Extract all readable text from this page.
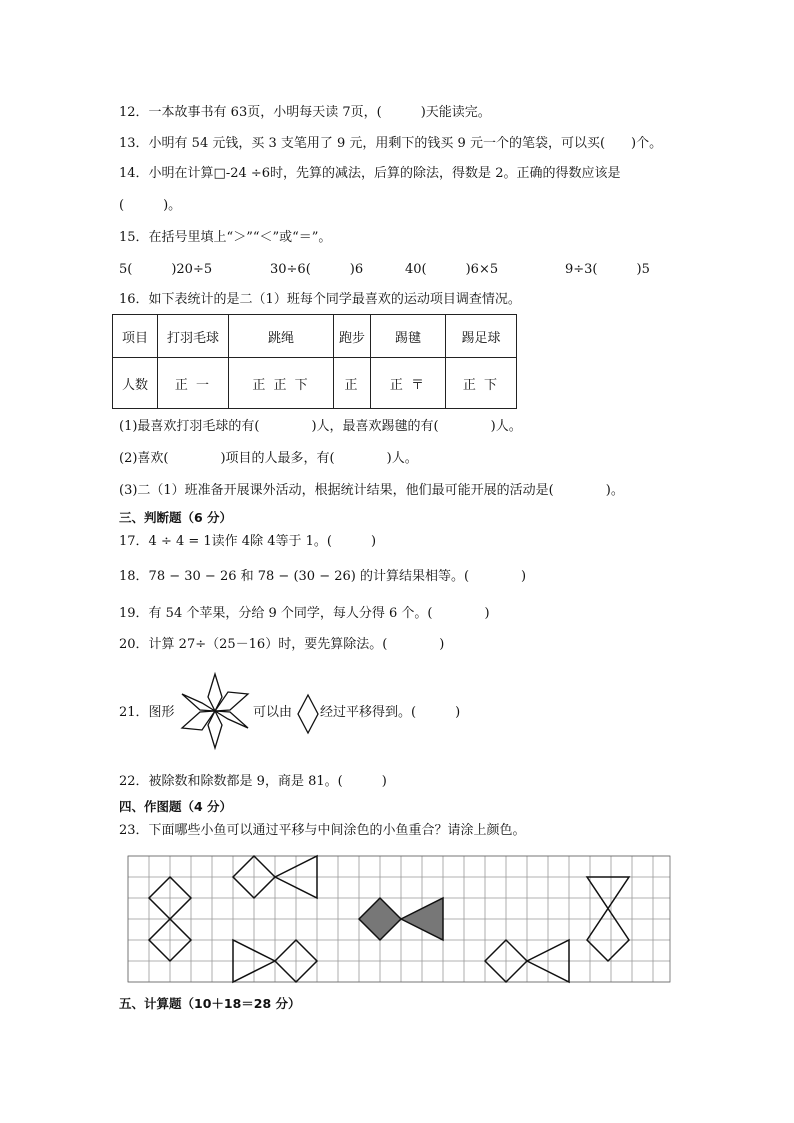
12．一本故事书有 63页，小明每天读 7页，(　　　)天能读完。
13．小明有 54 元钱，买 3 支笔用了 9 元，用剩下的钱买 9 元一个的笔袋，可以买(　　)个。
14．小明在计算□-24 ÷6时，先算的减法，后算的除法，得数是 2。正确的得数应该是
(　　　)。
15．在括号里填上“＞”“＜”或“＝”。
5(　　　)20÷5	30÷6(　　　)6	40(　　　)6×5	9÷3(　　　)5
16．如下表统计的是二（1）班每个同学最喜欢的运动项目调查情况。
项目	打羽毛球	跳绳	跑步	踢毽	踢足球
人数	正 一	正 正 下	正	正 〒	正 下
(1)最喜欢打羽毛球的有(　　　　)人，最喜欢踢毽的有(　　　　)人。
(2)喜欢(　　　　)项目的人最多，有(　　　　)人。
(3)二（1）班准备开展课外活动，根据统计结果，他们最可能开展的活动是(　　　　)。
三、判断题（6 分）
17．4 ÷ 4 = 1读作 4除 4等于 1。(　　　)
18．78 − 30 − 26 和 78 − (30 − 26) 的计算结果相等。(　　　　)
19．有 54 个苹果，分给 9 个同学，每人分得 6 个。(　　　　)
20．计算 27÷（25－16）时，要先算除法。(　　　　)
21．图形	可以由 经过平移得到。(　　　)
22．被除数和除数都是 9，商是 81。(　　　)
四、作图题（4 分）
23．下面哪些小鱼可以通过平移与中间涂色的小鱼重合？请涂上颜色。
五、计算题（10＋18＝28 分）
